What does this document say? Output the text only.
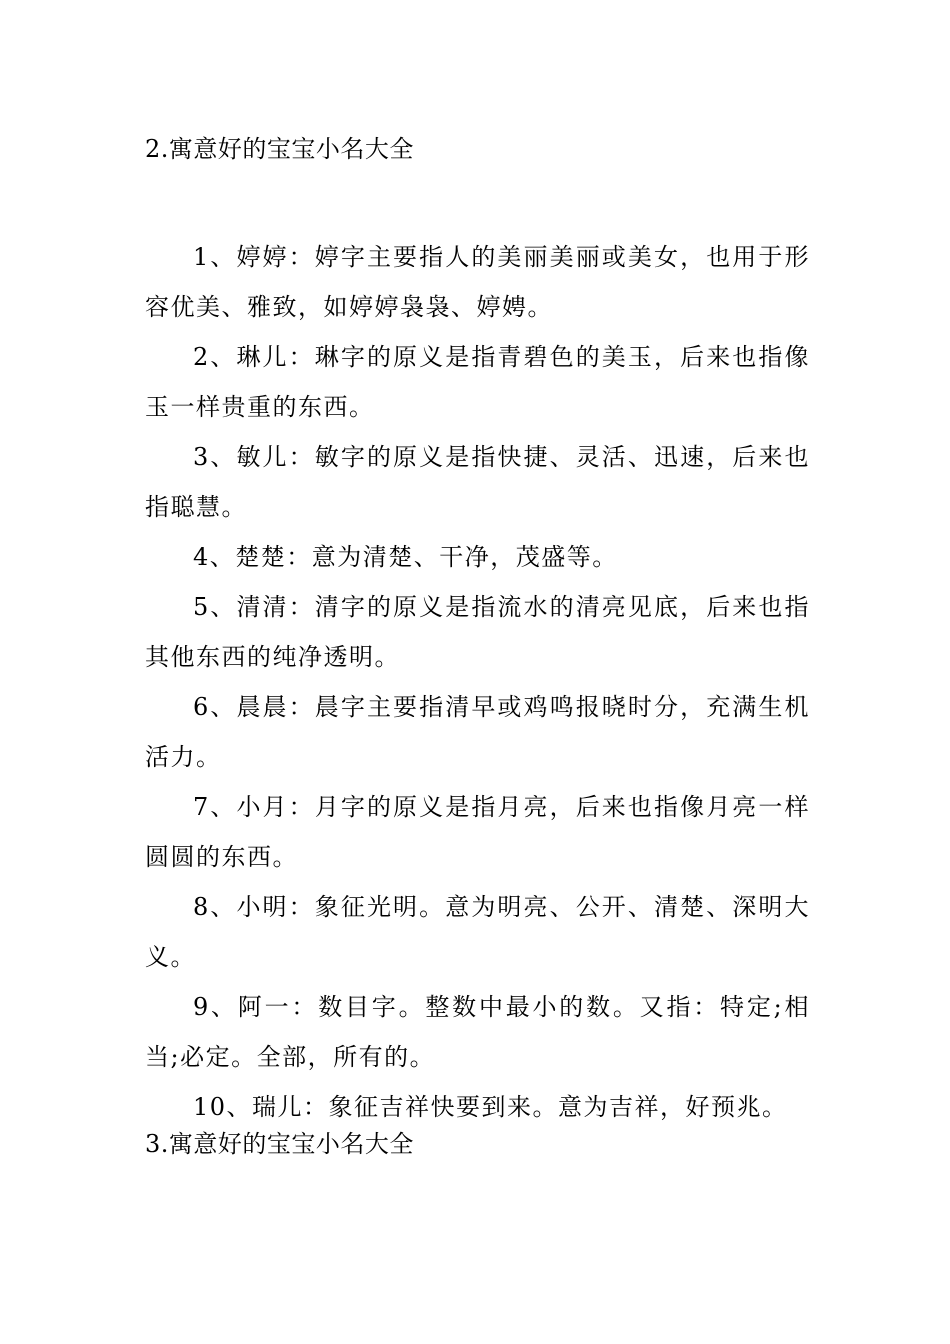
2.寓意好的宝宝小名大全
1、婷婷：婷字主要指人的美丽美丽或美女，也用于形容优美、雅致，如婷婷袅袅、婷娉。
2、琳儿：琳字的原义是指青碧色的美玉，后来也指像玉一样贵重的东西。
3、敏儿：敏字的原义是指快捷、灵活、迅速，后来也指聪慧。
4、楚楚：意为清楚、干净，茂盛等。
5、清清：清字的原义是指流水的清亮见底，后来也指其他东西的纯净透明。
6、晨晨：晨字主要指清早或鸡鸣报晓时分，充满生机活力。
7、小月：月字的原义是指月亮，后来也指像月亮一样圆圆的东西。
8、小明：象征光明。意为明亮、公开、清楚、深明大义。
9、阿一：数目字。整数中最小的数。又指：特定;相当;必定。全部，所有的。
10、瑞儿：象征吉祥快要到来。意为吉祥，好预兆。
3.寓意好的宝宝小名大全
